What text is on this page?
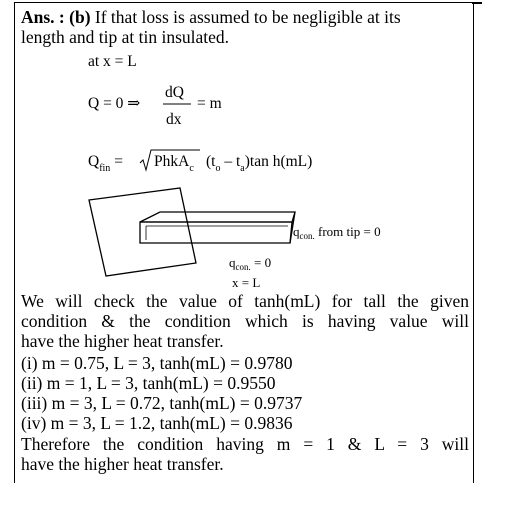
Ans. : (b) If that loss is assumed to be negligible at its
length and tip at tin insulated.
at x = L
Q = 0 ⇒
dQ
dx
= m
$Q_{fin}$ = PhkA$_c$ $(t_o - t_a)\tan$ h(mL)
$q_{con.}$ from tip = 0
$q_{con.} = 0$
x = L
We will check the value of tanh(mL) for tall the given
condition & the condition which is having value will
have the higher heat transfer.
(i) m = 0.75, L = 3, tanh(mL) = 0.9780
(ii) m = 1, L = 3, tanh(mL) = 0.9550
(iii) m = 3, L = 0.72, tanh(mL) = 0.9737
(iv) m = 3, L = 1.2, tanh(mL) = 0.9836
Therefore the condition having m = 1 & L = 3 will
have the higher heat transfer.
